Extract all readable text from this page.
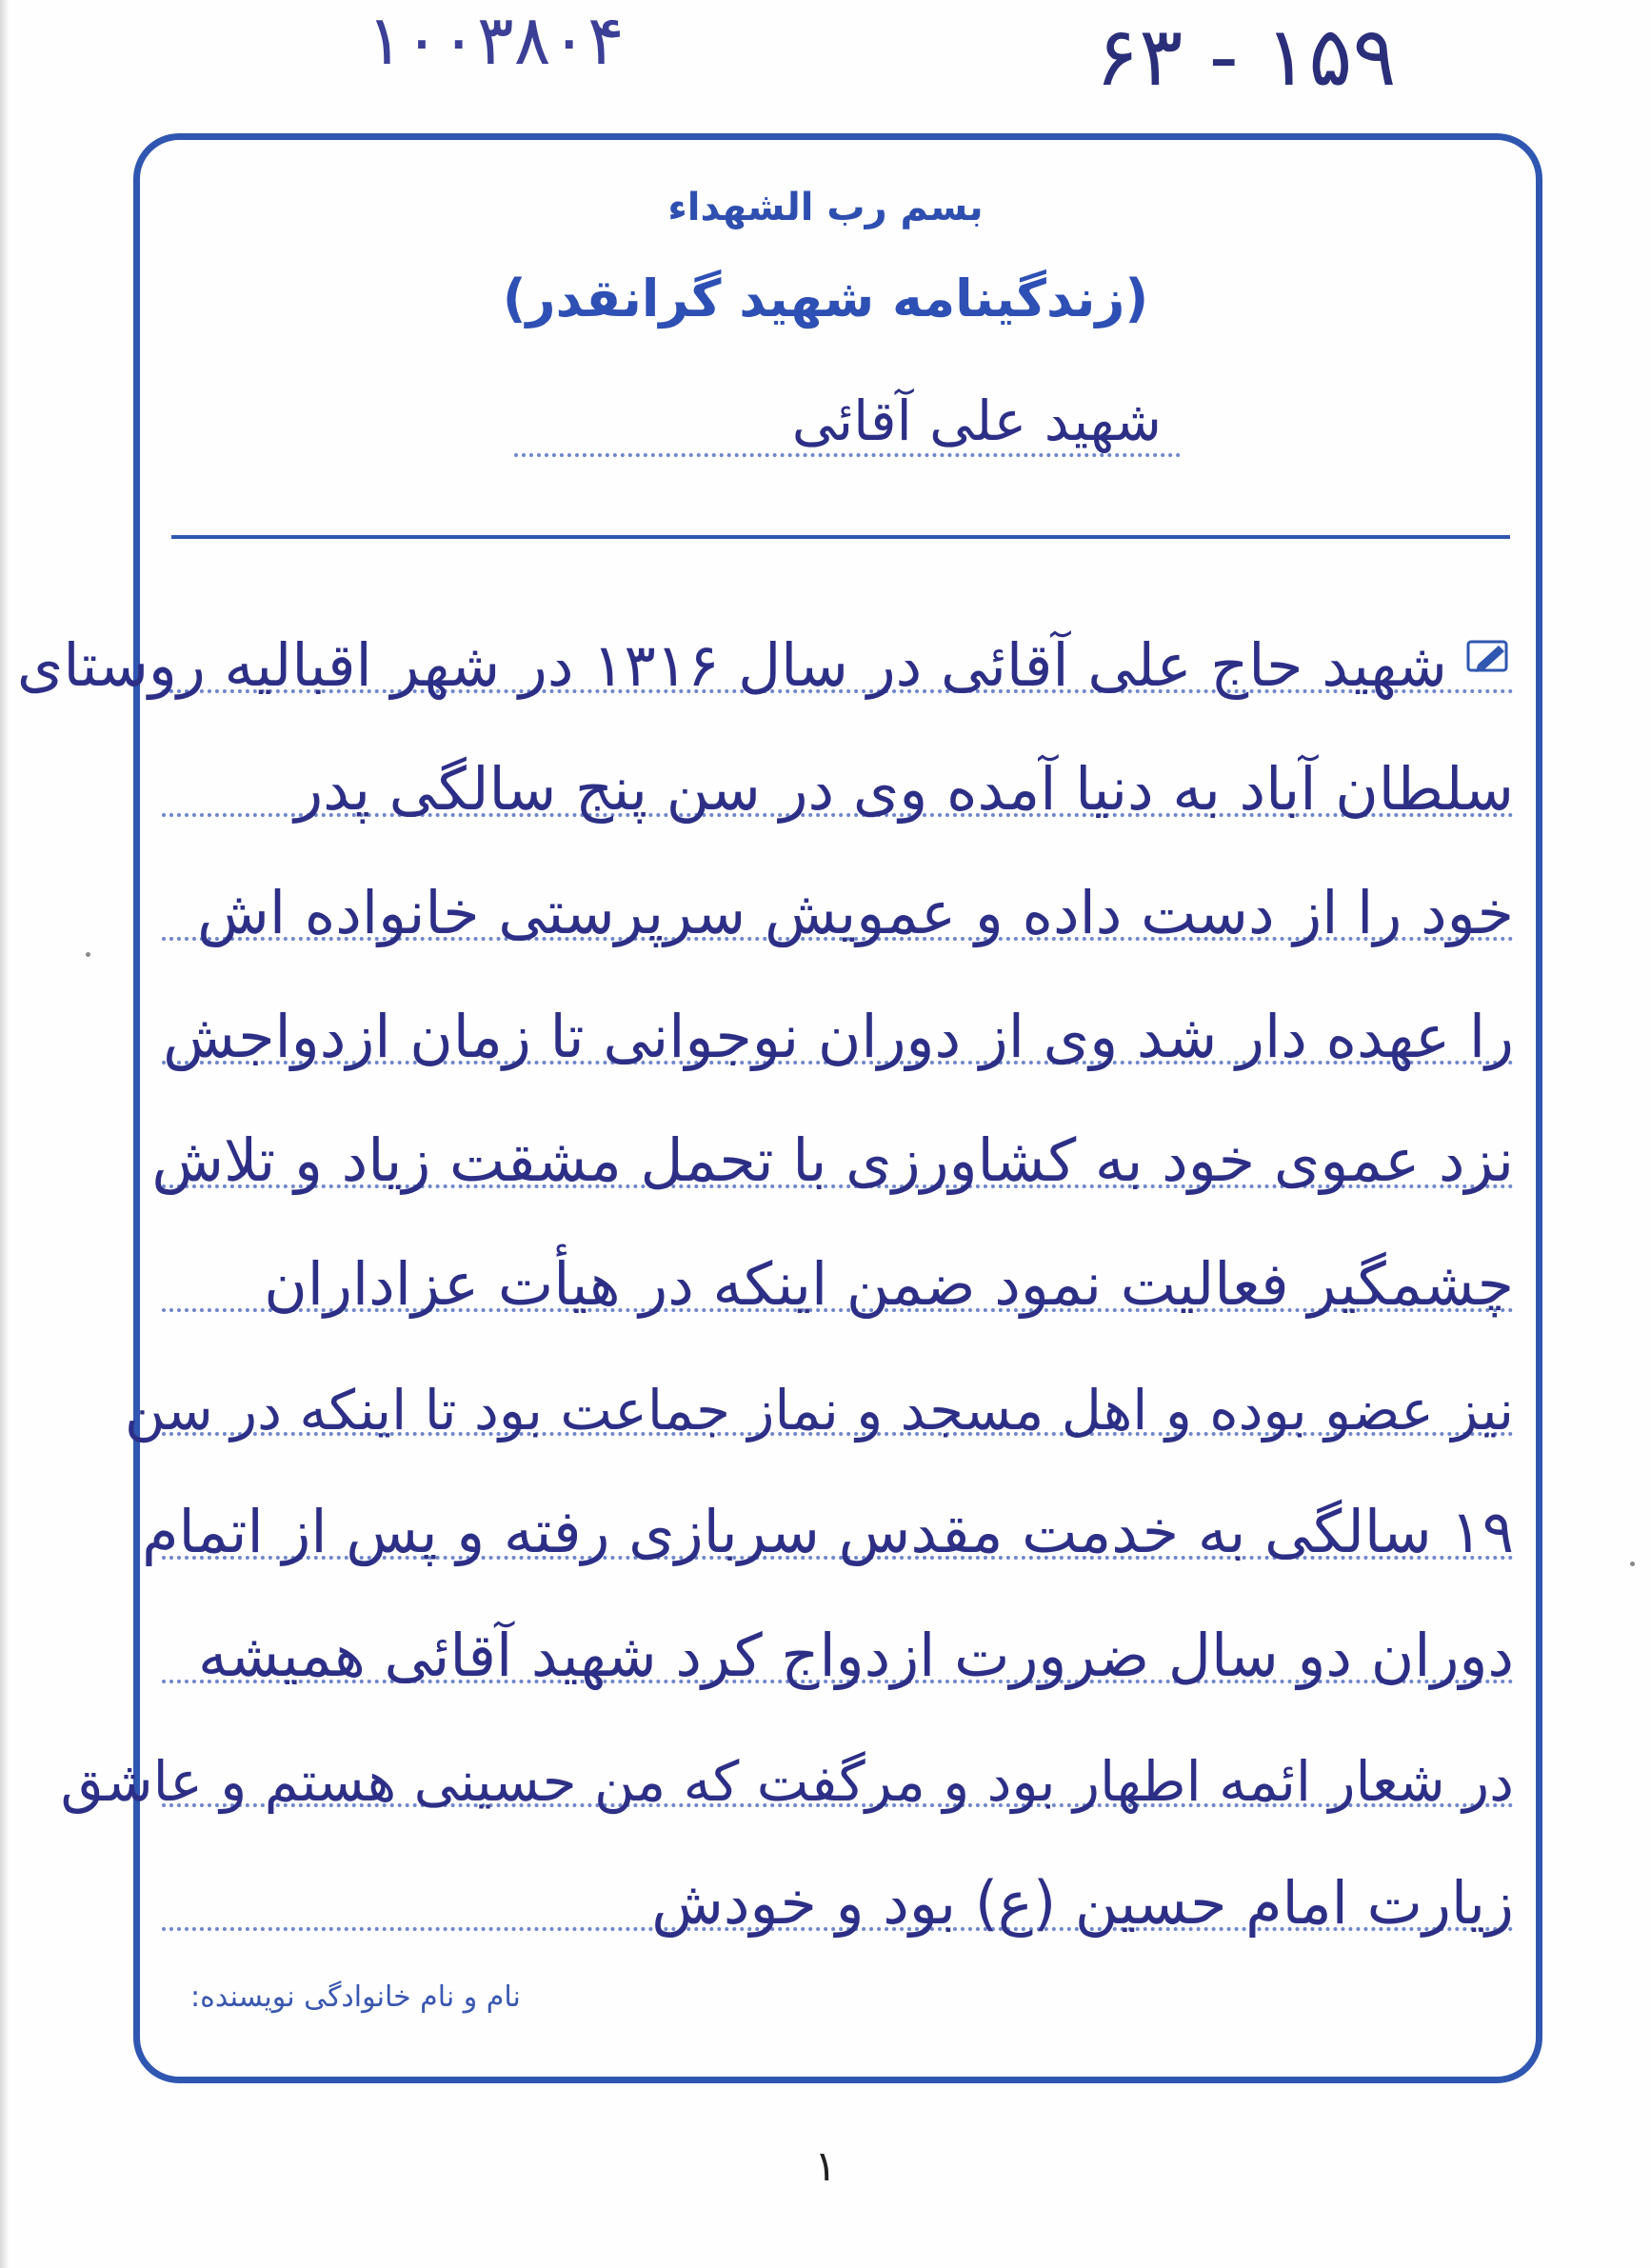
۱۰۰۳۸۰۴	۶۳ - ۱۵۹
بسم رب الشهداء
(زندگینامه شهید گرانقدر)
شهید علی آقائی
شهید حاج علی آقائی در سال ۱۳۱۶ در شهر اقبالیه روستای
سلطان آباد به دنیا آمده وی در سن پنج سالگی پدر
خود را از دست داده و عمویش سرپرستی خانواده اش
را عهده دار شد وی از دوران نوجوانی تا زمان ازدواجش
نزد عموی خود به کشاورزی با تحمل مشقت زیاد و تلاش
چشمگیر فعالیت نمود ضمن اینکه در هیأت عزاداران
نیز عضو بوده و اهل مسجد و نماز جماعت بود تا اینکه در سن
۱۹ سالگی به خدمت مقدس سربازی رفته و پس از اتمام
دوران دو سال ضرورت ازدواج کرد شهید آقائی همیشه
در شعار ائمه اطهار بود و مرگفت که من حسینی هستم و عاشق
زیارت امام حسین (ع) بود و خودش
نام و نام خانوادگی نویسنده:
۱
